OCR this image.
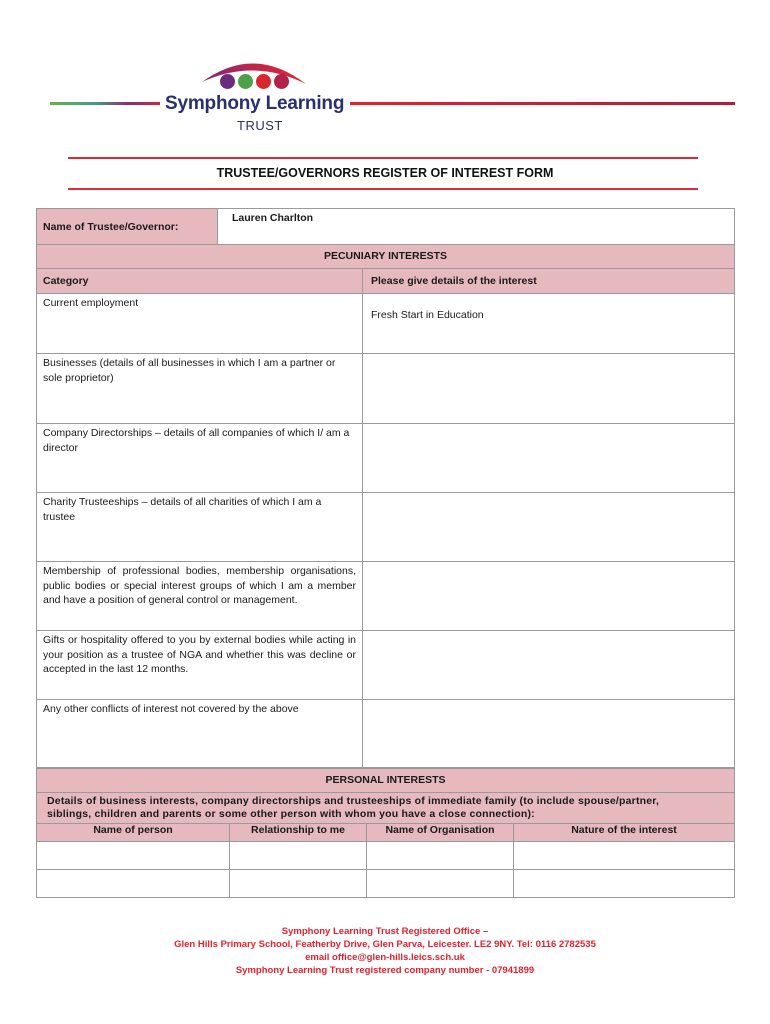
Symphony Learning
TRUST
TRUSTEE/GOVERNORS REGISTER OF INTEREST FORM
Name of Trustee/Governor:	Lauren Charlton	
PECUNIARY INTERESTS		
Category		Please give details of the interest
Current employment		Fresh Start in Education
Businesses (details of all businesses in which I am a partner or sole proprietor)		
Company Directorships – details of all companies of which I/ am a director		
Charity Trusteeships – details of all charities of which I am a trustee		
Membership of professional bodies, membership organisations, public bodies or special interest groups of which I am a member and have a position of general control or management.		
Gifts or hospitality offered to you by external bodies while acting in your position as a trustee of NGA and whether this was decline or accepted in the last 12 months.		
Any other conflicts of interest not covered by the above		
PERSONAL INTERESTS			

Details of business interests, company directorships and trusteeships of immediate family (to include spouse/partner,
siblings, children and parents or some other person with whom you have a close connection):			

Name of person	Relationship to me	Name of Organisation	Nature of the interest

Symphony Learning Trust Registered Office –
Glen Hills Primary School, Featherby Drive, Glen Parva, Leicester. LE2 9NY. Tel: 0116 2782535
email office@glen-hills.leics.sch.uk
Symphony Learning Trust registered company number - 07941899
